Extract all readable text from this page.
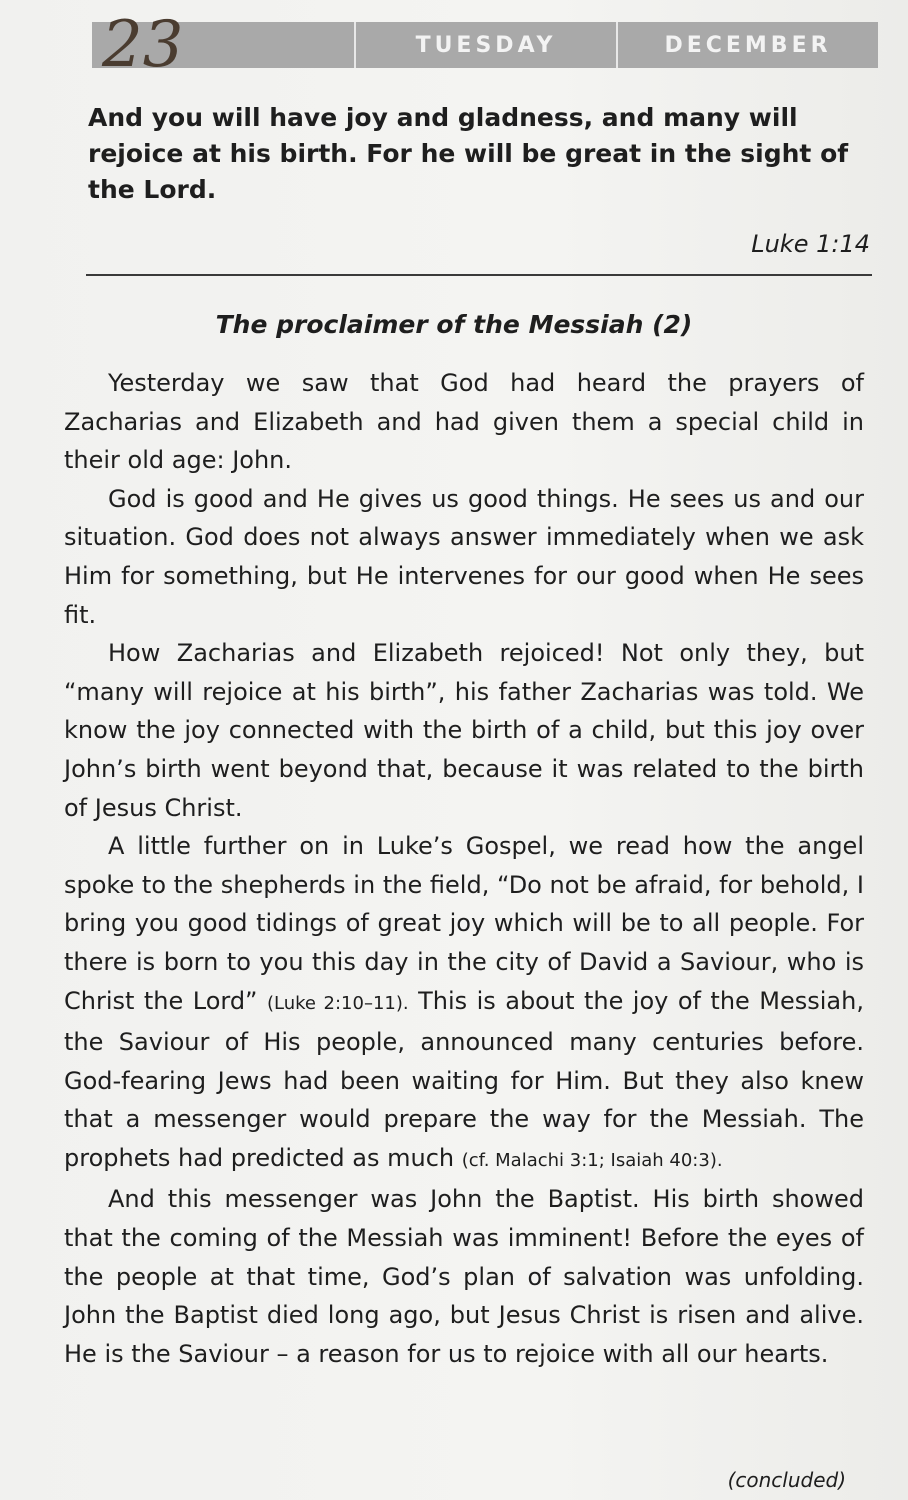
23	TUESDAY	DECEMBER
And you will have joy and gladness, and many will rejoice at his birth. For he will be great in the sight of the Lord.
Luke 1:14
The proclaimer of the Messiah (2)

Yesterday we saw that God had heard the prayers of Zacharias and Elizabeth and had given them a special child in their old age: John.

God is good and He gives us good things. He sees us and our situation. God does not always answer immediately when we ask Him for something, but He intervenes for our good when He sees fit.

How Zacharias and Elizabeth rejoiced! Not only they, but “many will rejoice at his birth”, his father Zacharias was told. We know the joy connected with the birth of a child, but this joy over John’s birth went beyond that, because it was related to the birth of Jesus Christ.

A little further on in Luke’s Gospel, we read how the angel spoke to the shepherds in the field, “Do not be afraid, for behold, I bring you good tidings of great joy which will be to all people. For there is born to you this day in the city of David a Saviour, who is Christ the Lord” (Luke 2:10–11). This is about the joy of the Messiah, the Saviour of His people, announced many centuries before. God-fearing Jews had been waiting for Him. But they also knew that a messenger would prepare the way for the Messiah. The prophets had predicted as much (cf. Malachi 3:1; Isaiah 40:3).

And this messenger was John the Baptist. His birth showed that the coming of the Messiah was imminent! Before the eyes of the people at that time, God’s plan of salvation was unfolding. John the Baptist died long ago, but Jesus Christ is risen and alive. He is the Saviour – a reason for us to rejoice with all our hearts.

(concluded)
